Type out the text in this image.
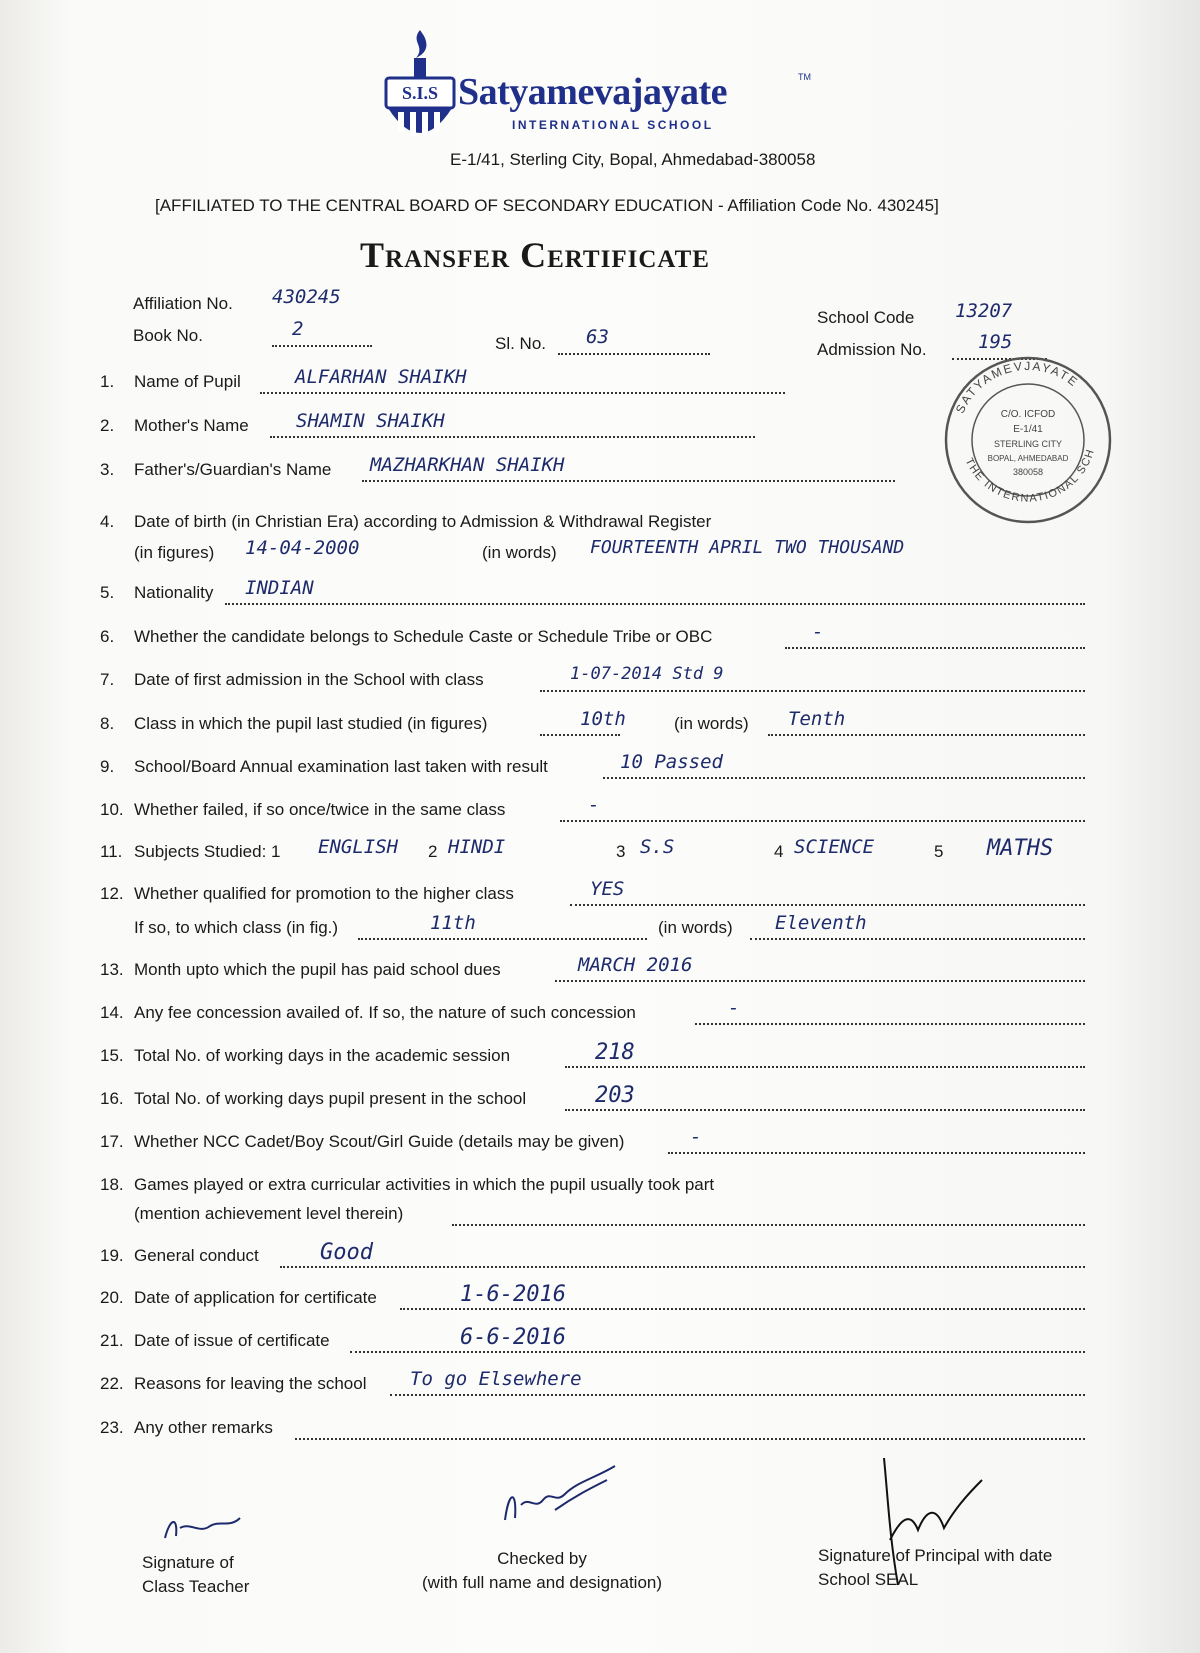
S.I.S Satyamevajayate	TM
INTERNATIONAL SCHOOL
E-1/41, Sterling City, Bopal, Ahmedabad-380058
[AFFILIATED TO THE CENTRAL BOARD OF SECONDARY EDUCATION - Affiliation Code No. 430245]
Transfer Certificate
Affiliation No. 430245
Book No.	2
Sl. No. 63
School Code 13207
Admission No.	195
SATYAMEVJAYATE
THE INTERNATIONAL SCH
C/O. ICFOD
E-1/41
STERLING CITY
BOPAL, AHMEDABAD
380058
1. Name of Pupil	ALFARHAN SHAIKH
2. Mother's Name SHAMIN SHAIKH
3. Father's/Guardian's Name MAZHARKHAN SHAIKH
4. Date of birth (in Christian Era) according to Admission & Withdrawal Register
(in figures) 14-04-2000	(in words) FOURTEENTH APRIL TWO THOUSAND
5. Nationality INDIAN
6. Whether the candidate belongs to Schedule Caste or Schedule Tribe or OBC	-
7. Date of first admission in the School with class	1-07-2014 Std 9
8. Class in which the pupil last studied (in figures)	10th	(in words) Tenth
9. School/Board Annual examination last taken with result	10 Passed
10. Whether failed, if so once/twice in the same class	-
11. Subjects Studied: 1 ENGLISH 2 HINDI	3 S.S	4 SCIENCE	5 MATHS
12. Whether qualified for promotion to the higher class	YES
If so, to which class (in fig.)	11th	(in words) Eleventh
13. Month upto which the pupil has paid school dues	MARCH 2016
14. Any fee concession availed of. If so, the nature of such concession	-
15. Total No. of working days in the academic session	218
16. Total No. of working days pupil present in the school	203
17. Whether NCC Cadet/Boy Scout/Girl Guide (details may be given)	-
18. Games played or extra curricular activities in which the pupil usually took part
(mention achievement level therein)
19. General conduct	Good
20. Date of application for certificate	1-6-2016
21. Date of issue of certificate	6-6-2016
22. Reasons for leaving the school To go Elsewhere
23. Any other remarks
Signature of
Class Teacher
Checked by
(with full name and designation)
Signature of Principal with date
School SEAL
